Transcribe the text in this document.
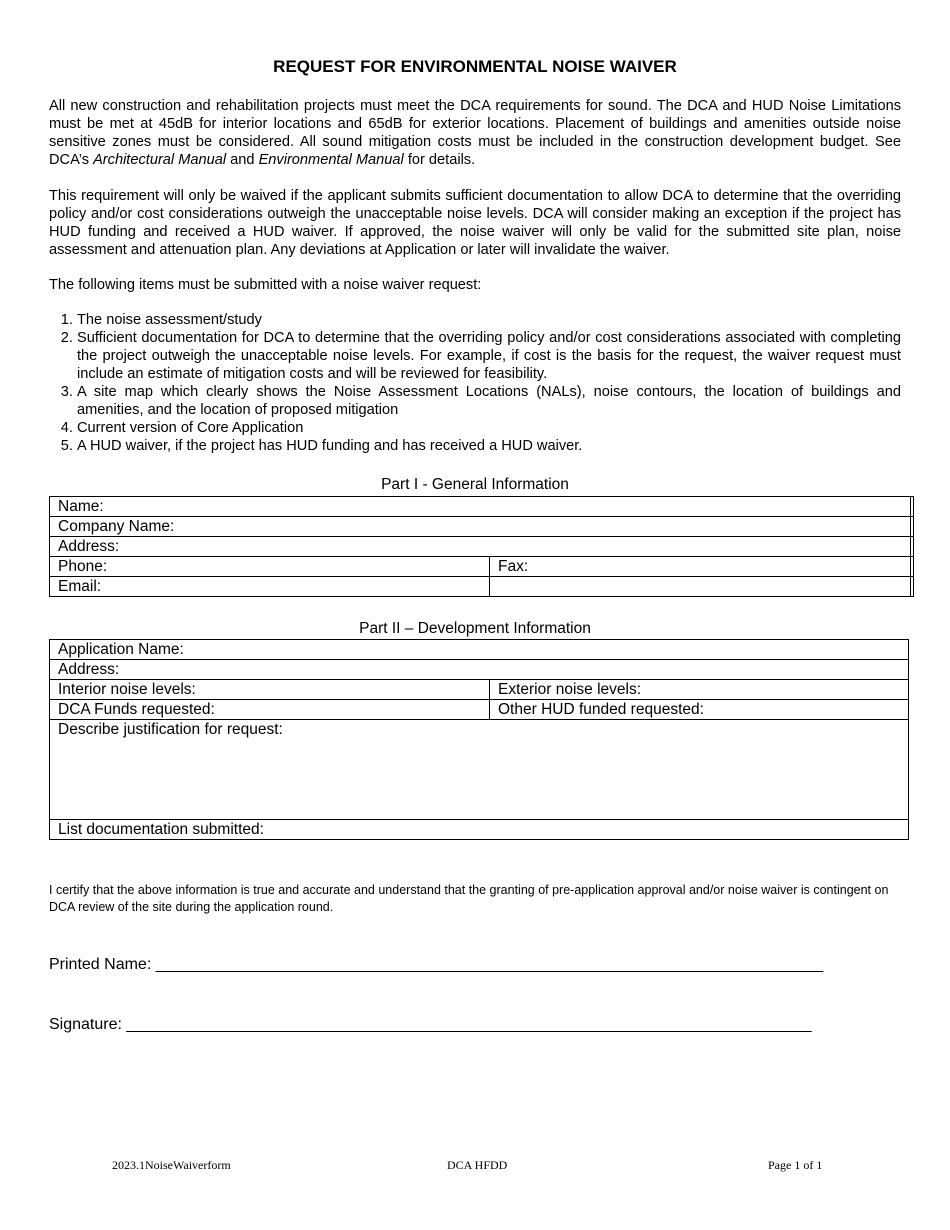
REQUEST FOR ENVIRONMENTAL NOISE WAIVER

All new construction and rehabilitation projects must meet the DCA requirements for sound. The DCA and HUD Noise Limitations must be met at 45dB for interior locations and 65dB for exterior locations. Placement of buildings and amenities outside noise sensitive zones must be considered. All sound mitigation costs must be included in the construction development budget. See DCA’s Architectural Manual and Environmental Manual for details.

This requirement will only be waived if the applicant submits sufficient documentation to allow DCA to determine that the overriding policy and/or cost considerations outweigh the unacceptable noise levels. DCA will consider making an exception if the project has HUD funding and received a HUD waiver. If approved, the noise waiver will only be valid for the submitted site plan, noise assessment and attenuation plan. Any deviations at Application or later will invalidate the waiver.

The following items must be submitted with a noise waiver request:

1. The noise assessment/study
2. Sufficient documentation for DCA to determine that the overriding policy and/or cost considerations associated with completing the project outweigh the unacceptable noise levels. For example, if cost is the basis for the request, the waiver request must include an estimate of mitigation costs and will be reviewed for feasibility.
3. A site map which clearly shows the Noise Assessment Locations (NALs), noise contours, the location of buildings and amenities, and the location of proposed mitigation
4. Current version of Core Application
5. A HUD waiver, if the project has HUD funding and has received a HUD waiver.
Part I - General Information
Name:		
Company Name:		
Address:		
Phone:	Fax:	
Email:		
Part II – Development Information
Application Name:	
Address:	
Interior noise levels:	Exterior noise levels:
DCA Funds requested:	Other HUD funded requested:
Describe justification for request:	
List documentation submitted:	

I certify that the above information is true and accurate and understand that the granting of pre-application approval and/or noise waiver is contingent on DCA review of the site during the application round.

Printed Name: ___________________________________________________________________________
Signature: _____________________________________________________________________________
2023.1NoiseWaiverform	DCA HFDD	Page 1 of 1
